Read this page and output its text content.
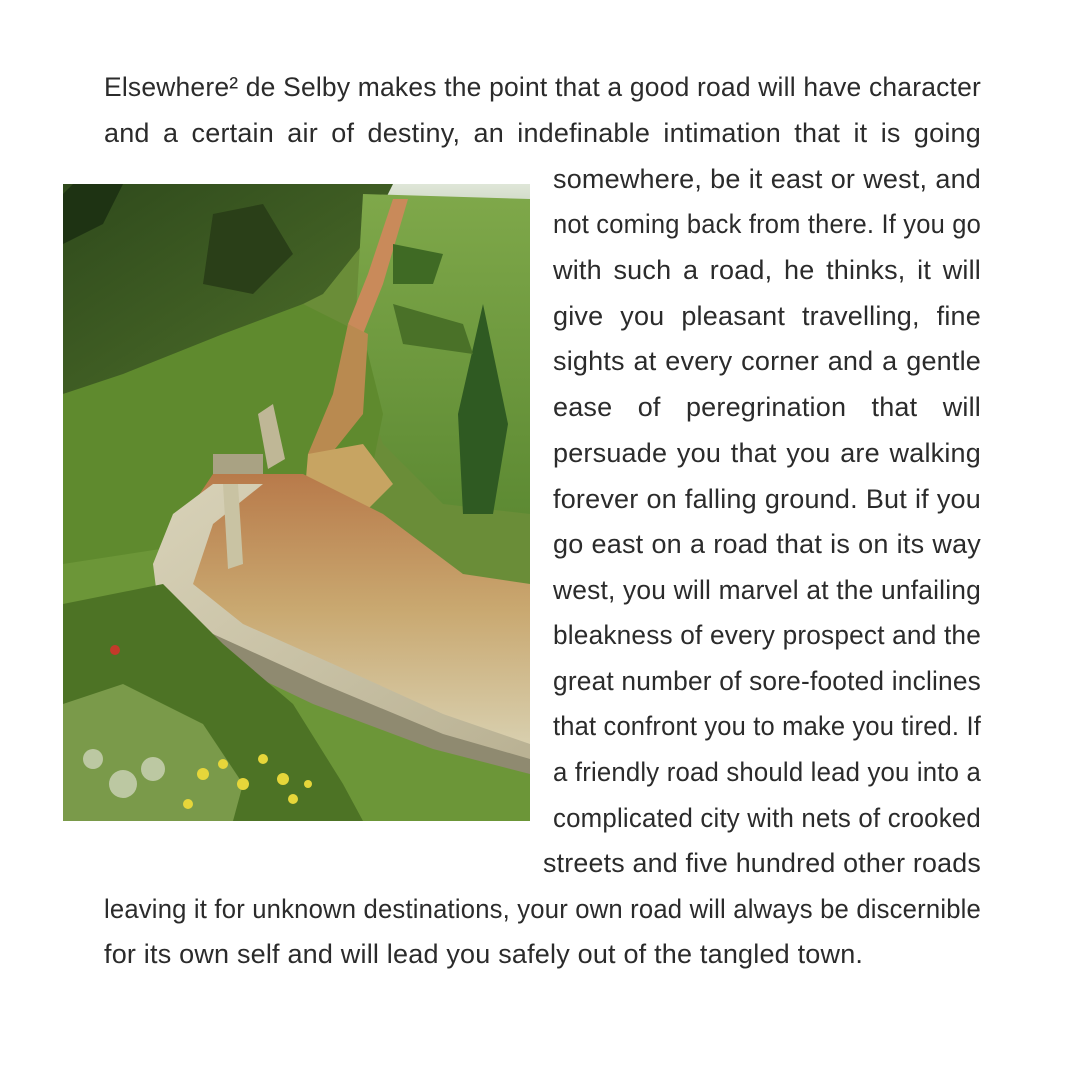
Elsewhere² de Selby makes the point that a good road will have character
and a certain air of destiny, an indefinable intimation that it is going
somewhere, be it east or west, and
not coming back from there. If you go
with such a road, he thinks, it will
give you pleasant travelling, fine
sights at every corner and a gentle
ease of peregrination that will
persuade you that you are walking
forever on falling ground. But if you
go east on a road that is on its way
west, you will marvel at the unfailing
bleakness of every prospect and the
great number of sore-footed inclines
that confront you to make you tired. If
a friendly road should lead you into a
complicated city with nets of crooked
streets and five hundred other roads
leaving it for unknown destinations, your own road will always be discernible
for its own self and will lead you safely out of the tangled town.
